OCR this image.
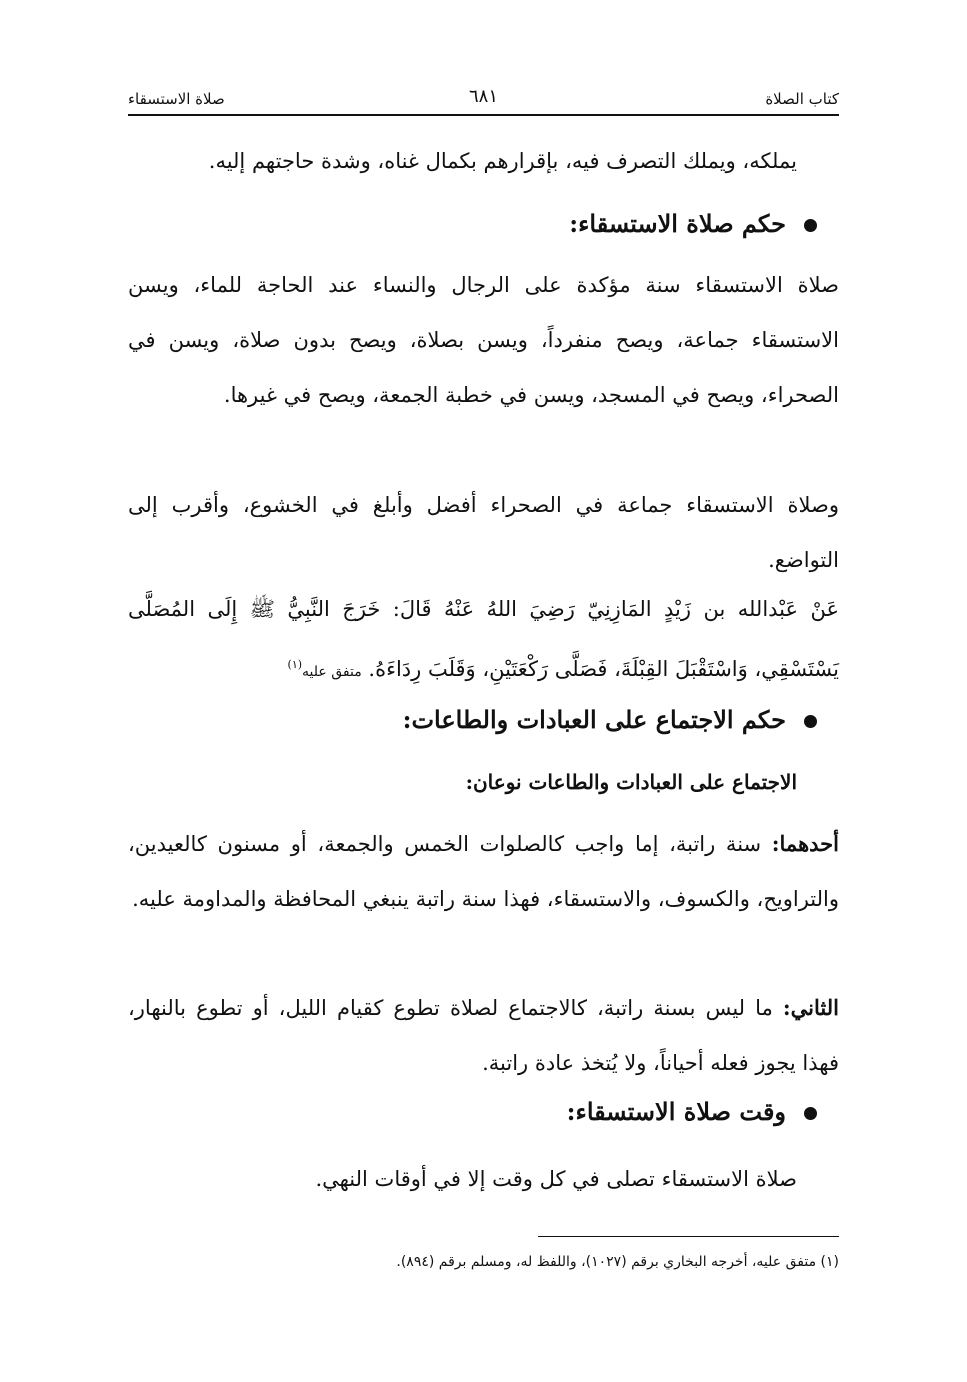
كتاب الصلاة
٦٨١
صلاة الاستسقاء
يملكه، ويملك التصرف فيه، بإقرارهم بكمال غناه، وشدة حاجتهم إليه.
حكم صلاة الاستسقاء:
صلاة الاستسقاء سنة مؤكدة على الرجال والنساء عند الحاجة للماء، ويسن الاستسقاء جماعة، ويصح منفرداً، ويسن بصلاة، ويصح بدون صلاة، ويسن في الصحراء، ويصح في المسجد، ويسن في خطبة الجمعة، ويصح في غيرها.
وصلاة الاستسقاء جماعة في الصحراء أفضل وأبلغ في الخشوع، وأقرب إلى التواضع.
عَنْ عَبْدالله بن زَيْدٍ المَازِنِيّ رَضِيَ اللهُ عَنْهُ قَالَ: خَرَجَ النَّبِيُّ ﷺ إِلَى المُصَلَّى يَسْتَسْقِي، وَاسْتَقْبَلَ القِبْلَةَ، فَصَلَّى رَكْعَتَيْنِ، وَقَلَبَ رِدَاءَهُ. متفق عليه$^{(١)}$
حكم الاجتماع على العبادات والطاعات:
الاجتماع على العبادات والطاعات نوعان:
أحدهما: سنة راتبة، إما واجب كالصلوات الخمس والجمعة، أو مسنون كالعيدين، والتراويح، والكسوف، والاستسقاء، فهذا سنة راتبة ينبغي المحافظة والمداومة عليه.
الثاني: ما ليس بسنة راتبة، كالاجتماع لصلاة تطوع كقيام الليل، أو تطوع بالنهار، فهذا يجوز فعله أحياناً، ولا يُتخذ عادة راتبة.
وقت صلاة الاستسقاء:
صلاة الاستسقاء تصلى في كل وقت إلا في أوقات النهي.
(١) متفق عليه، أخرجه البخاري برقم (١٠٢٧)، واللفظ له، ومسلم برقم (٨٩٤).
